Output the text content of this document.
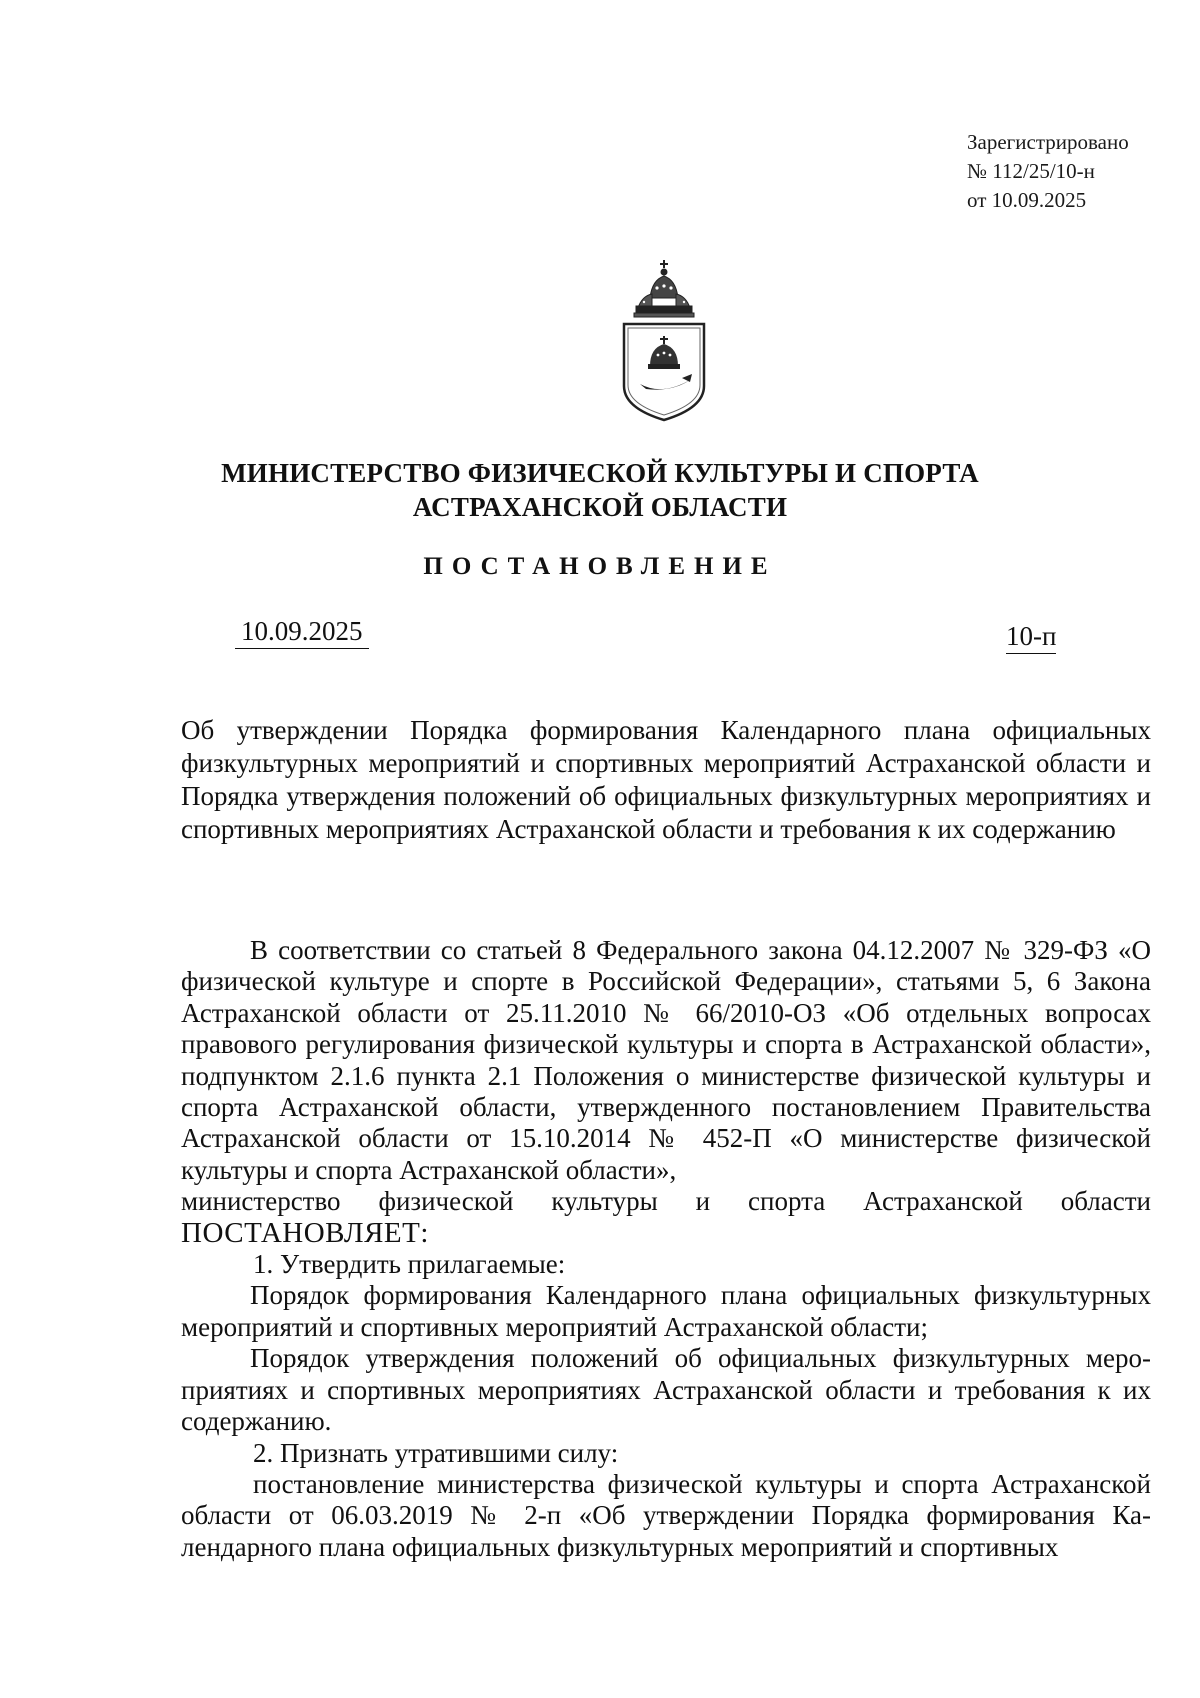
Зарегистрировано
№ 112/25/10-н
от 10.09.2025
МИНИСТЕРСТВО ФИЗИЧЕСКОЙ КУЛЬТУРЫ И СПОРТА
АСТРАХАНСКОЙ ОБЛАСТИ
ПОСТАНОВЛЕНИЕ
10.09.2025	10-п
Об утверждении Порядка формирования Календарного плана официальных физкультурных мероприятий и спортивных мероприятий Астраханской области и Порядка утверждения положений об официальных физкультурных мероприятиях и спортивных мероприятиях Астраханской области и требования к их содержанию

В соответствии со статьей 8 Федерального закона 04.12.2007 № 329-ФЗ «О физической культуре и спорте в Российской Федерации», статьями 5, 6 Закона Астраханской области от 25.11.2010 № 66/2010-ОЗ «Об отдельных вопросах правового регулирования физической культуры и спорта в Астраханской области», подпунктом 2.1.6 пункта 2.1 Положения о министерстве физической культуры и спорта Астраханской области, утвержденного постановлением Правительства Астраханской области от 15.10.2014 № 452-П «О министерстве физической культуры и спорта Астраханской области»,

министерство физической культуры и спорта Астраханской области

ПОСТАНОВЛЯЕТ:

1. Утвердить прилагаемые:

Порядок формирования Календарного плана официальных физкультурных мероприятий и спортивных мероприятий Астраханской области;

Порядок утверждения положений об официальных физкультурных мероприятиях и спортивных мероприятиях Астраханской области и требования к их содержанию.

2. Признать утратившими силу:

постановление министерства физической культуры и спорта Астраханской области от 06.03.2019 № 2-п «Об утверждении Порядка формирования Календарного плана официальных физкультурных мероприятий и спортивных
